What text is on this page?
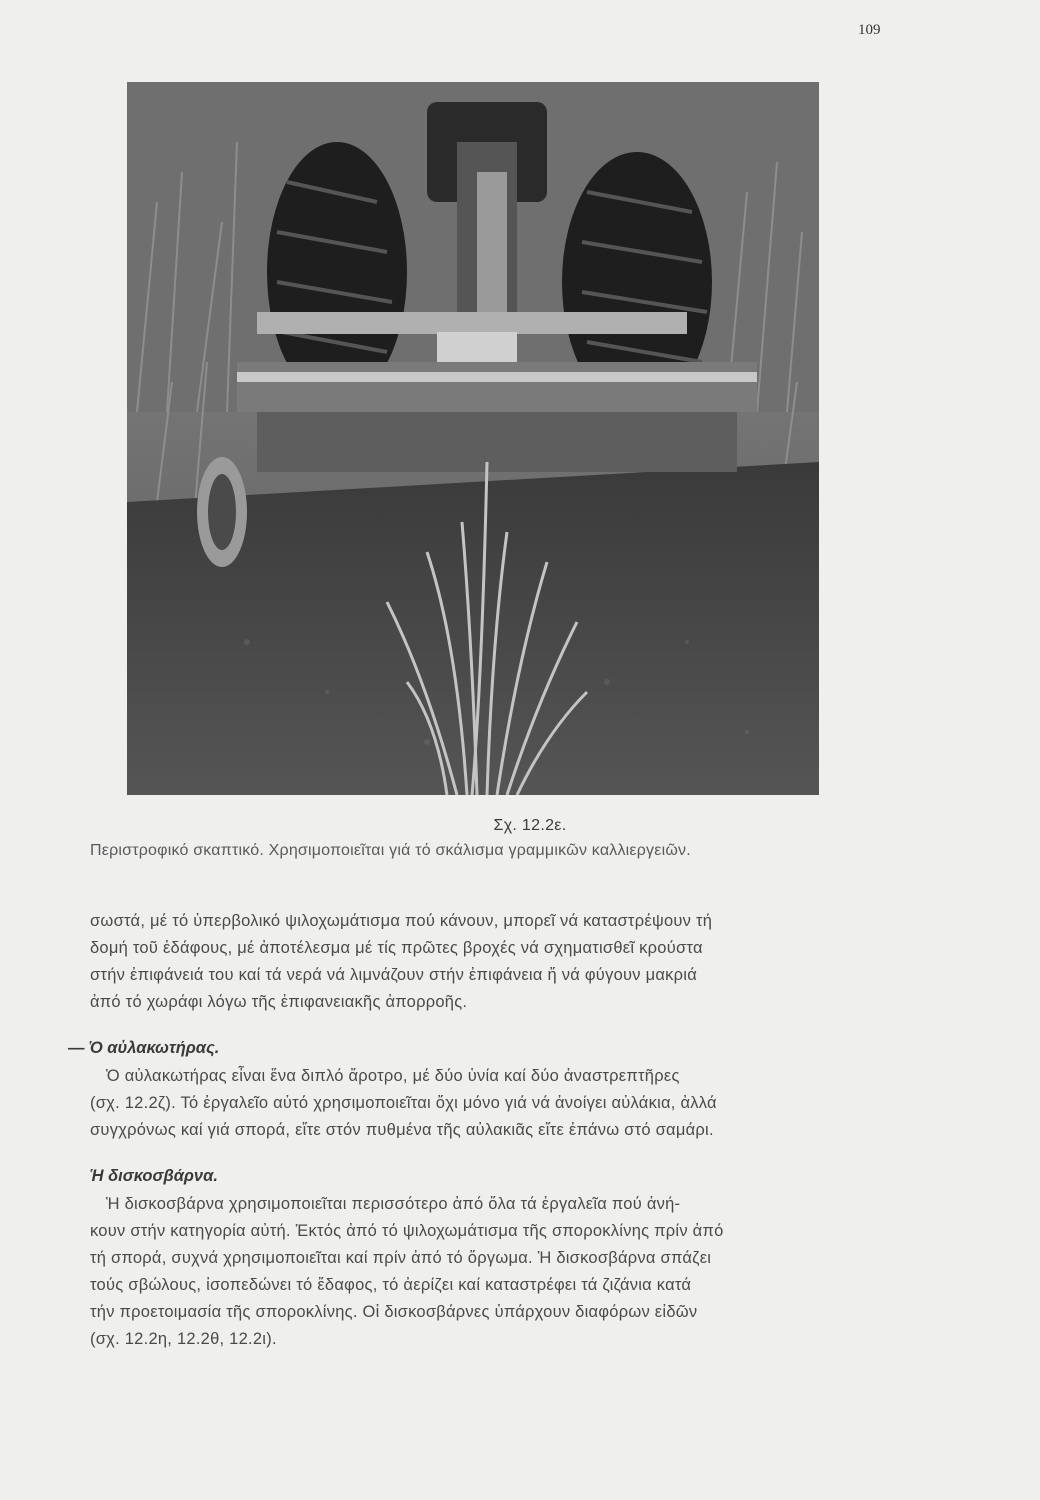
109
Σχ. 12.2ε.
Περιστροφικό σκαπτικό. Χρησιμοποιεῖται γιά τό σκάλισμα γραμμικῶν καλλιεργειῶν.
σωστά, μέ τό ὑπερβολικό ψιλοχωμάτισμα πού κάνουν, μπορεῖ νά καταστρέψουν τή
δομή τοῦ ἐδάφους, μέ ἀποτέλεσμα μέ τίς πρῶτες βροχές νά σχηματισθεῖ κρούστα
στήν ἐπιφάνειά του καί τά νερά νά λιμνάζουν στήν ἐπιφάνεια ἤ νά φύγουν μακριά
ἀπό τό χωράφι λόγω τῆς ἐπιφανειακῆς ἀπορροῆς.
— Ὁ αὐλακωτήρας.
Ὁ αὐλακωτήρας εἶναι ἕνα διπλό ἄροτρο, μέ δύο ὑνία καί δύο ἀναστρεπτῆρες
(σχ. 12.2ζ). Τό ἐργαλεῖο αὐτό χρησιμοποιεῖται ὄχι μόνο γιά νά ἀνοίγει αὐλάκια, ἀλλά
συγχρόνως καί γιά σπορά, εἴτε στόν πυθμένα τῆς αὐλακιᾶς εἴτε ἐπάνω στό σαμάρι.
Ἡ δισκοσβάρνα.
Ἡ δισκοσβάρνα χρησιμοποιεῖται περισσότερο ἀπό ὅλα τά ἐργαλεῖα πού ἀνή-
κουν στήν κατηγορία αὐτή. Ἐκτός ἀπό τό ψιλοχωμάτισμα τῆς σποροκλίνης πρίν ἀπό
τή σπορά, συχνά χρησιμοποιεῖται καί πρίν ἀπό τό ὄργωμα. Ἡ δισκοσβάρνα σπάζει
τούς σβώλους, ἰσοπεδώνει τό ἔδαφος, τό ἀερίζει καί καταστρέφει τά ζιζάνια κατά
τήν προετοιμασία τῆς σποροκλίνης. Οἱ δισκοσβάρνες ὑπάρχουν διαφόρων εἰδῶν
(σχ. 12.2η, 12.2θ, 12.2ι).
